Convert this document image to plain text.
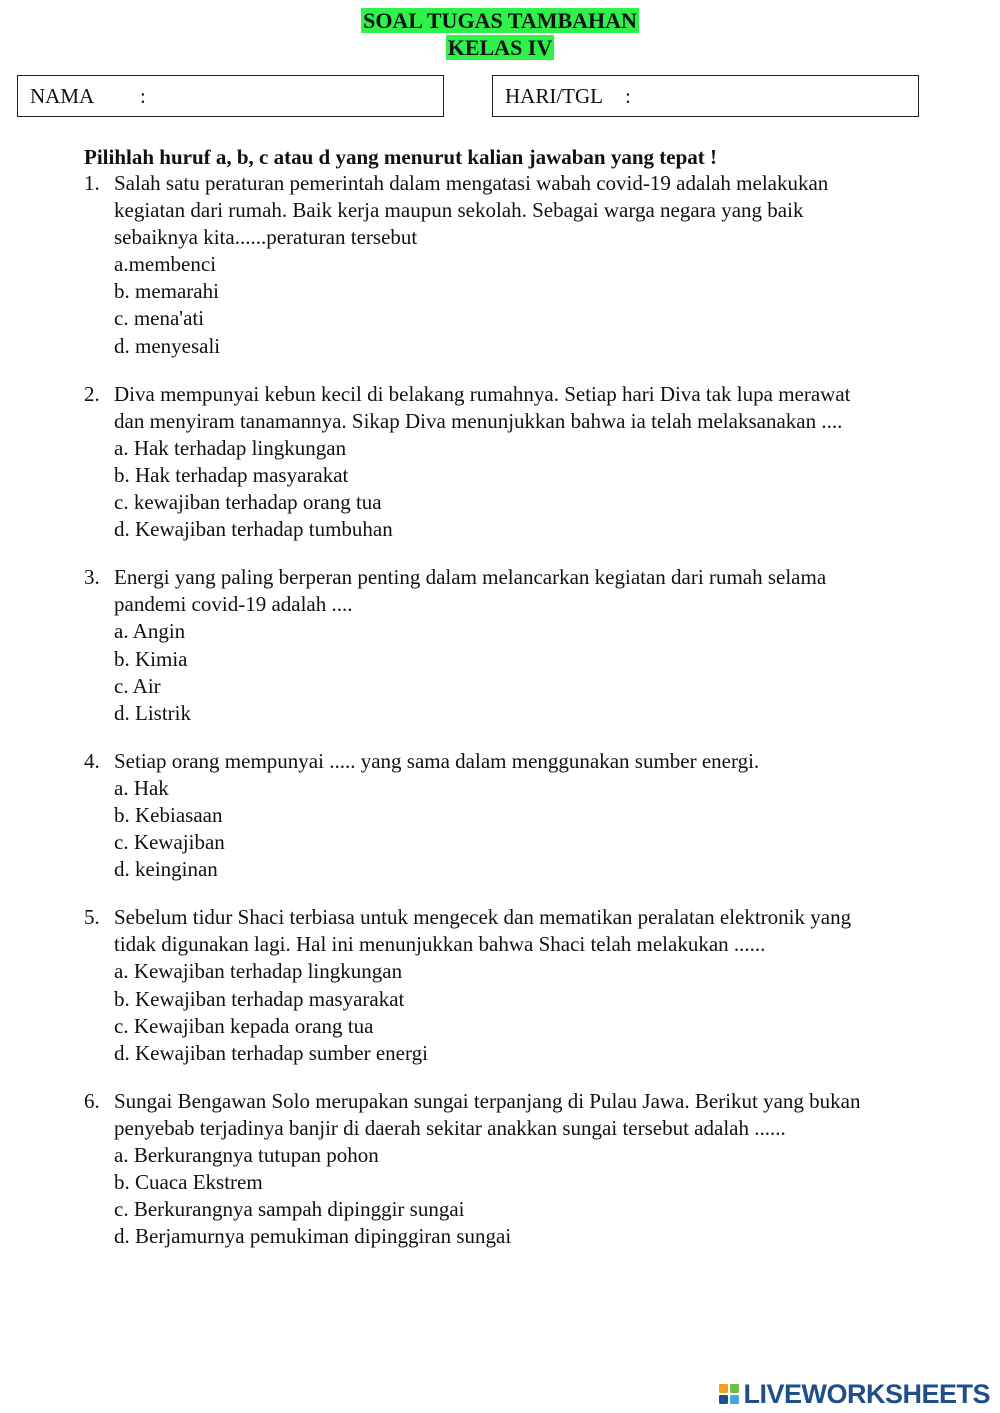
SOAL TUGAS TAMBAHAN
KELAS IV
NAMA :	HARI/TGL :
Pilihlah huruf a, b, c atau d yang menurut kalian jawaban yang tepat !
1. Salah satu peraturan pemerintah dalam mengatasi wabah covid-19 adalah melakukan kegiatan dari rumah. Baik kerja maupun sekolah. Sebagai warga negara yang baik sebaiknya kita......peraturan tersebut
a.membenci
b. memarahi
c. mena'ati
d. menyesali
2. Diva mempunyai kebun kecil di belakang rumahnya. Setiap hari Diva tak lupa merawat dan menyiram tanamannya. Sikap Diva menunjukkan bahwa ia telah melaksanakan ....
a. Hak terhadap lingkungan
b. Hak terhadap masyarakat
c. kewajiban terhadap orang tua
d. Kewajiban terhadap tumbuhan
3. Energi yang paling berperan penting dalam melancarkan kegiatan dari rumah selama pandemi covid-19 adalah ....
a. Angin
b. Kimia
c. Air
d. Listrik
4. Setiap orang mempunyai ..... yang sama dalam menggunakan sumber energi.
a. Hak
b. Kebiasaan
c. Kewajiban
d. keinginan
5. Sebelum tidur Shaci terbiasa untuk mengecek dan mematikan peralatan elektronik yang tidak digunakan lagi. Hal ini menunjukkan bahwa Shaci telah melakukan ......
a. Kewajiban terhadap lingkungan
b. Kewajiban terhadap masyarakat
c. Kewajiban kepada orang tua
d. Kewajiban terhadap sumber energi
6. Sungai Bengawan Solo merupakan sungai terpanjang di Pulau Jawa. Berikut yang bukan penyebab terjadinya banjir di daerah sekitar anakkan sungai tersebut adalah ......
a. Berkurangnya tutupan pohon
b. Cuaca Ekstrem
c. Berkurangnya sampah dipinggir sungai
d. Berjamurnya pemukiman dipinggiran sungai
LIVEWORKSHEETS
